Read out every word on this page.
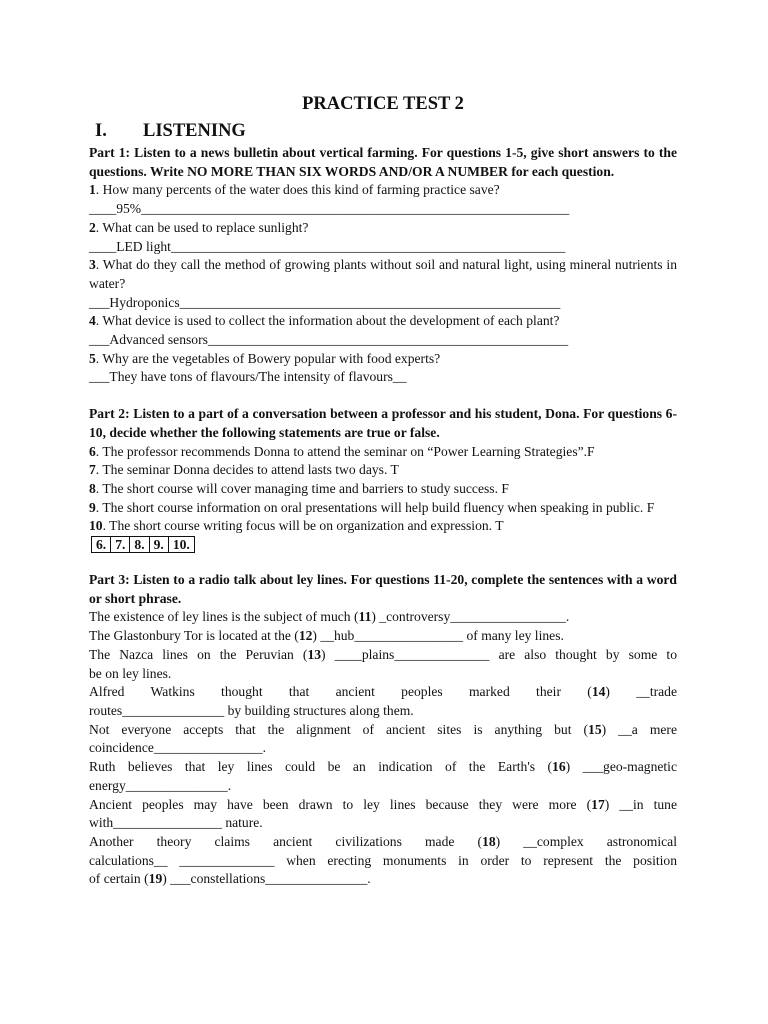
PRACTICE TEST 2

I.	LISTENING

Part 1: Listen to a news bulletin about vertical farming. For questions 1-5, give short answers to the questions. Write NO MORE THAN SIX WORDS AND/OR A NUMBER for each question.

1. How many percents of the water does this kind of farming practice save?

____95%_______________________________________________________________

2. What can be used to replace sunlight?

____LED light__________________________________________________________

3. What do they call the method of growing plants without soil and natural light, using mineral nutrients in water?

___Hydroponics________________________________________________________

4. What device is used to collect the information about the development of each plant?

___Advanced sensors_____________________________________________________

5. Why are the vegetables of Bowery popular with food experts?

___They have tons of flavours/The intensity of flavours__

Part 2: Listen to a part of a conversation between a professor and his student, Dona. For questions 6-10, decide whether the following statements are true or false.

6. The professor recommends Donna to attend the seminar on “Power Learning Strategies”.F

7. The seminar Donna decides to attend lasts two days. T

8. The short course will cover managing time and barriers to study success. F

9. The short course information on oral presentations will help build fluency when speaking in public. F

10. The short course writing focus will be on organization and expression. T

6.	7.	8.	9.	10.

Part 3: Listen to a radio talk about ley lines. For questions 11-20, complete the sentences with a word or short phrase.

The existence of ley lines is the subject of much (11) _controversy_________________.

The Glastonbury Tor is located at the (12) __hub________________ of many ley lines.

The Nazca lines on the Peruvian (13) ____plains______________ are also thought by some to

be on ley lines.

Alfred Watkins thought that ancient peoples marked their (14) __trade

routes_______________ by building structures along them.

Not everyone accepts that the alignment of ancient sites is anything but (15) __a mere

coincidence________________.

Ruth believes that ley lines could be an indication of the Earth's (16) ___geo-magnetic

energy_______________.

Ancient peoples may have been drawn to ley lines because they were more (17) __in tune

with________________ nature.

Another theory claims ancient civilizations made (18) __complex astronomical

calculations__ ______________ when erecting monuments in order to represent the position

of certain (19) ___constellations_______________.
